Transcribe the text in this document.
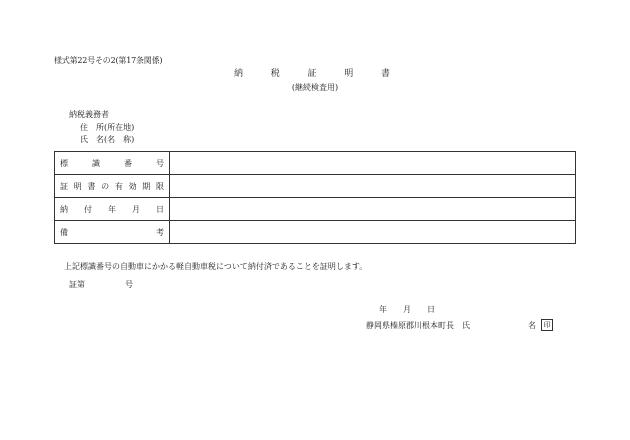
様式第22号その2(第17条関係)
納税証明書
(継続検査用)
納税義務者
住　所(所在地)
氏　名(名　称)
標識番号	

証明書の有効期限	

納付年月日	

備考	

上記標識番号の自動車にかかる軽自動車税について納付済であることを証明します。
証第　　　　　号
年　　月　　日
静岡県榛原郡川根本町長　氏	名 印
